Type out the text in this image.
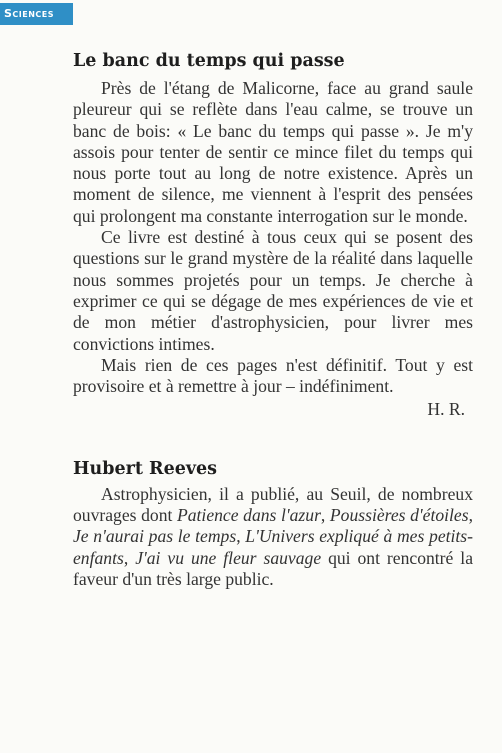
Sciences
Le banc du temps qui passe

Près de l'étang de Malicorne, face au grand saule pleureur qui se reflète dans l'eau calme, se trouve un banc de bois: « Le banc du temps qui passe ». Je m'y assois pour tenter de sentir ce mince filet du temps qui nous porte tout au long de notre existence. Après un moment de silence, me viennent à l'esprit des pensées qui prolongent ma constante interrogation sur le monde.

Ce livre est destiné à tous ceux qui se posent des questions sur le grand mystère de la réalité dans laquelle nous sommes projetés pour un temps. Je cherche à exprimer ce qui se dégage de mes expériences de vie et de mon métier d'astrophysicien, pour livrer mes convictions intimes.

Mais rien de ces pages n'est définitif. Tout y est provisoire et à remettre à jour – indéfiniment.

H. R.
Hubert Reeves

Astrophysicien, il a publié, au Seuil, de nombreux ouvrages dont Patience dans l'azur, Poussières d'étoiles, Je n'aurai pas le temps, L'Univers expliqué à mes petits-enfants, J'ai vu une fleur sauvage qui ont rencontré la faveur d'un très large public.
